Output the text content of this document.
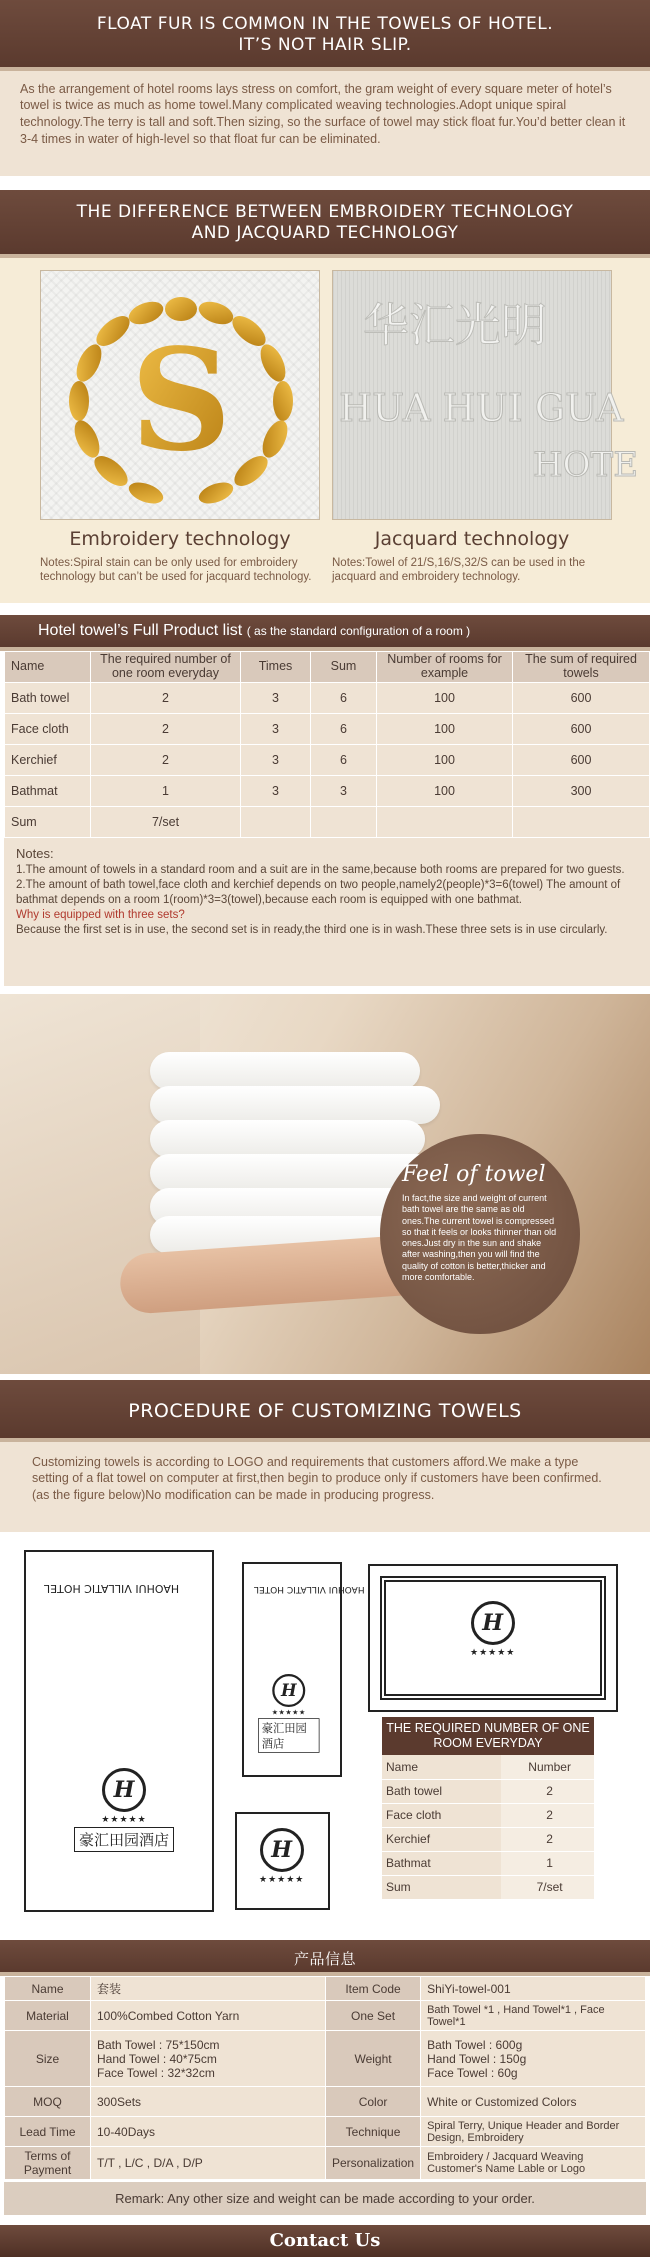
FLOAT FUR IS COMMON IN THE TOWELS OF HOTEL.
IT’S NOT HAIR SLIP.
As the arrangement of hotel rooms lays stress on comfort, the gram weight of every square meter of hotel’s towel is twice as much as home towel.Many complicated weaving technologies.Adopt unique spiral technology.The terry is tall and soft.Then sizing, so the surface of towel may stick float fur.You’d better clean it 3-4 times in water of high-level so that float fur can be eliminated.
THE DIFFERENCE BETWEEN EMBROIDERY TECHNOLOGY
AND JACQUARD TECHNOLOGY
S
Embroidery technology
Notes:Spiral stain can be only used for embroidery technology but can’t be used for jacquard technology.
华汇光明
HUA HUI GUA
HOTE
Jacquard technology
Notes:Towel of 21/S,16/S,32/S can be used in the jacquard and embroidery technology.
Hotel towel’s Full Product list ( as the standard configuration of a room )
Name	The required number of one room everyday	Times	Sum	Number of rooms for example	The sum of required towels
Bath towel	2	3	6	100	600
Face cloth	2	3	6	100	600
Kerchief	2	3	6	100	600
Bathmat	1	3	3	100	300
Sum	7/set				
Notes:
1.The amount of towels in a standard room and a suit are in the same,because both rooms are prepared for two guests.
2.The amount of bath towel,face cloth and kerchief depends on two people,namely2(people)*3=6(towel) The amount of bathmat depends on a room 1(room)*3=3(towel),because each room is equipped with one bathmat.
Why is equipped with three sets?
Because the first set is in use, the second set is in ready,the third one is in wash.These three sets is in use circularly.
Feel of towel

In fact,the size and weight of current bath towel are the same as old ones.The current towel is compressed so that it feels or looks thinner than old ones.Just dry in the sun and shake after washing,then you will find the quality of cotton is better,thicker and more comfortable.

PROCEDURE OF CUSTOMIZING TOWELS
Customizing towels is according to LOGO and requirements that customers afford.We make a type setting of a flat towel on computer at first,then begin to produce only if customers have been confirmed.(as the figure below)No modification can be made in producing progress.
HAOHUI VILLATIC HOTEL
H
★★★★★
豪汇田园酒店
HAOHUI VILLATIC HOTEL
H
★★★★★
豪汇田园酒店
H
★★★★★
H
★★★★★
THE REQUIRED NUMBER OF ONE ROOM EVERYDAY
Name	Number
Bath towel	2
Face cloth	2
Kerchief	2
Bathmat	1
Sum	7/set
产品信息
Name	套装	Item Code	ShiYi-towel-001
Material	100%Combed Cotton Yarn	One Set	Bath Towel *1 , Hand Towel*1 , Face Towel*1
Size	Bath Towel : 75*150cm
Hand Towel : 40*75cm
Face Towel : 32*32cm	Weight	Bath Towel : 600g
Hand Towel : 150g
Face Towel : 60g
MOQ	300Sets	Color	White or Customized Colors
Lead Time	10-40Days	Technique	Spiral Terry, Unique Header and Border Design, Embroidery
Terms of Payment	T/T , L/C , D/A , D/P	Personalization	Embroidery / Jacquard Weaving Customer's Name Lable or Logo
Remark: Any other size and weight can be made according to your order.
Contact Us
